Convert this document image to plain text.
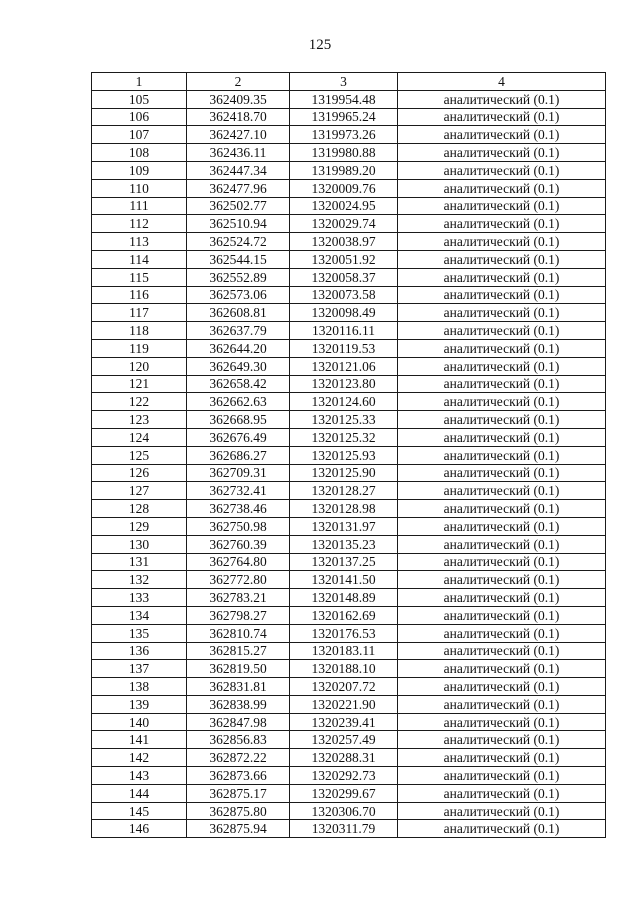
125
1	2	3	4
105	362409.35	1319954.48	аналитический (0.1)
106	362418.70	1319965.24	аналитический (0.1)
107	362427.10	1319973.26	аналитический (0.1)
108	362436.11	1319980.88	аналитический (0.1)
109	362447.34	1319989.20	аналитический (0.1)
110	362477.96	1320009.76	аналитический (0.1)
111	362502.77	1320024.95	аналитический (0.1)
112	362510.94	1320029.74	аналитический (0.1)
113	362524.72	1320038.97	аналитический (0.1)
114	362544.15	1320051.92	аналитический (0.1)
115	362552.89	1320058.37	аналитический (0.1)
116	362573.06	1320073.58	аналитический (0.1)
117	362608.81	1320098.49	аналитический (0.1)
118	362637.79	1320116.11	аналитический (0.1)
119	362644.20	1320119.53	аналитический (0.1)
120	362649.30	1320121.06	аналитический (0.1)
121	362658.42	1320123.80	аналитический (0.1)
122	362662.63	1320124.60	аналитический (0.1)
123	362668.95	1320125.33	аналитический (0.1)
124	362676.49	1320125.32	аналитический (0.1)
125	362686.27	1320125.93	аналитический (0.1)
126	362709.31	1320125.90	аналитический (0.1)
127	362732.41	1320128.27	аналитический (0.1)
128	362738.46	1320128.98	аналитический (0.1)
129	362750.98	1320131.97	аналитический (0.1)
130	362760.39	1320135.23	аналитический (0.1)
131	362764.80	1320137.25	аналитический (0.1)
132	362772.80	1320141.50	аналитический (0.1)
133	362783.21	1320148.89	аналитический (0.1)
134	362798.27	1320162.69	аналитический (0.1)
135	362810.74	1320176.53	аналитический (0.1)
136	362815.27	1320183.11	аналитический (0.1)
137	362819.50	1320188.10	аналитический (0.1)
138	362831.81	1320207.72	аналитический (0.1)
139	362838.99	1320221.90	аналитический (0.1)
140	362847.98	1320239.41	аналитический (0.1)
141	362856.83	1320257.49	аналитический (0.1)
142	362872.22	1320288.31	аналитический (0.1)
143	362873.66	1320292.73	аналитический (0.1)
144	362875.17	1320299.67	аналитический (0.1)
145	362875.80	1320306.70	аналитический (0.1)
146	362875.94	1320311.79	аналитический (0.1)
